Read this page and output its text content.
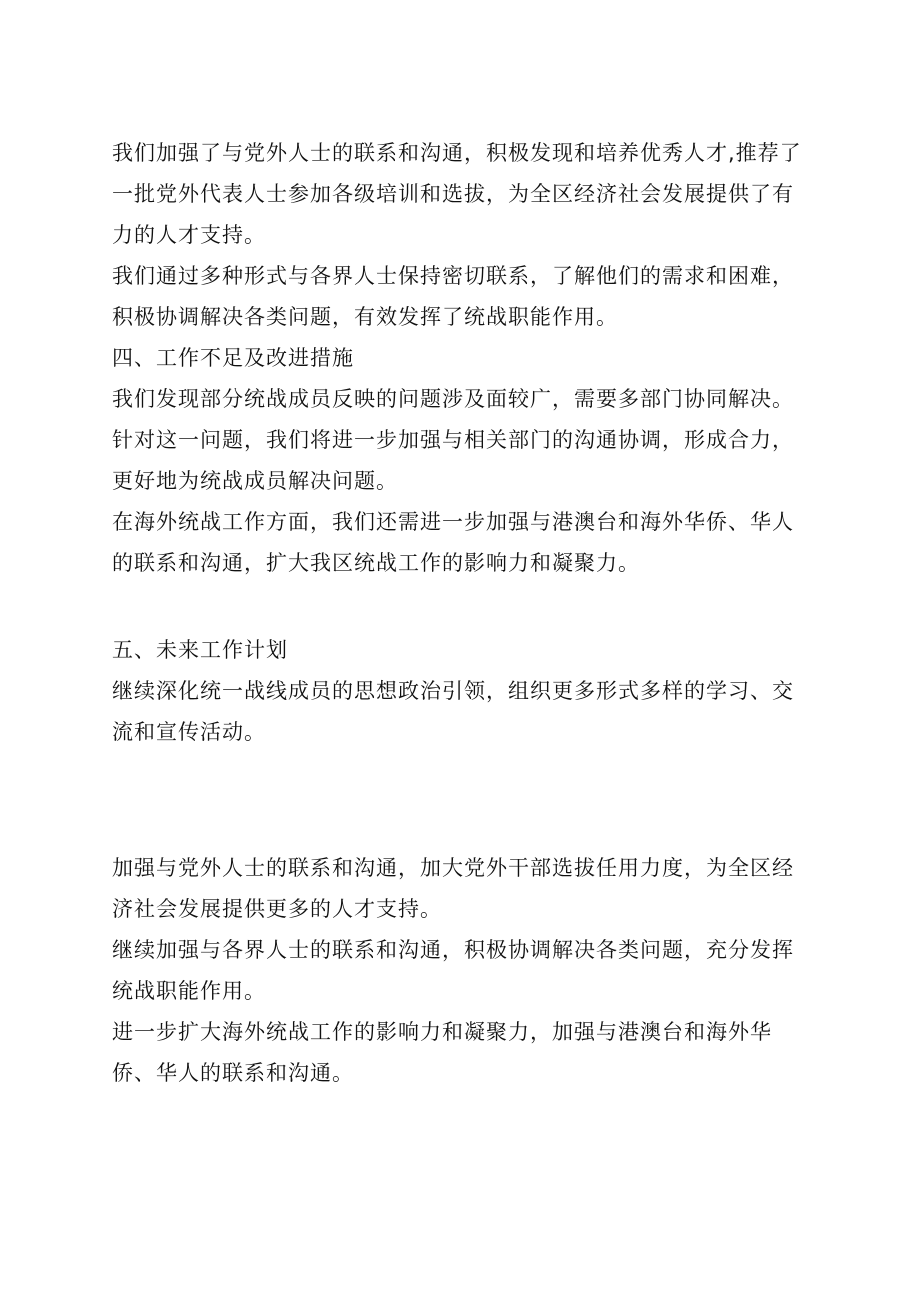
我们加强了与党外人士的联系和沟通，积极发现和培养优秀人才,推荐了一批党外代表人士参加各级培训和选拔，为全区经济社会发展提供了有力的人才支持。

我们通过多种形式与各界人士保持密切联系，了解他们的需求和困难，积极协调解决各类问题，有效发挥了统战职能作用。

四、工作不足及改进措施

我们发现部分统战成员反映的问题涉及面较广，需要多部门协同解决。针对这一问题，我们将进一步加强与相关部门的沟通协调，形成合力，更好地为统战成员解决问题。

在海外统战工作方面，我们还需进一步加强与港澳台和海外华侨、华人的联系和沟通，扩大我区统战工作的影响力和凝聚力。

五、未来工作计划

继续深化统一战线成员的思想政治引领，组织更多形式多样的学习、交流和宣传活动。

加强与党外人士的联系和沟通，加大党外干部选拔任用力度，为全区经济社会发展提供更多的人才支持。

继续加强与各界人士的联系和沟通，积极协调解决各类问题，充分发挥统战职能作用。

进一步扩大海外统战工作的影响力和凝聚力，加强与港澳台和海外华侨、华人的联系和沟通。
